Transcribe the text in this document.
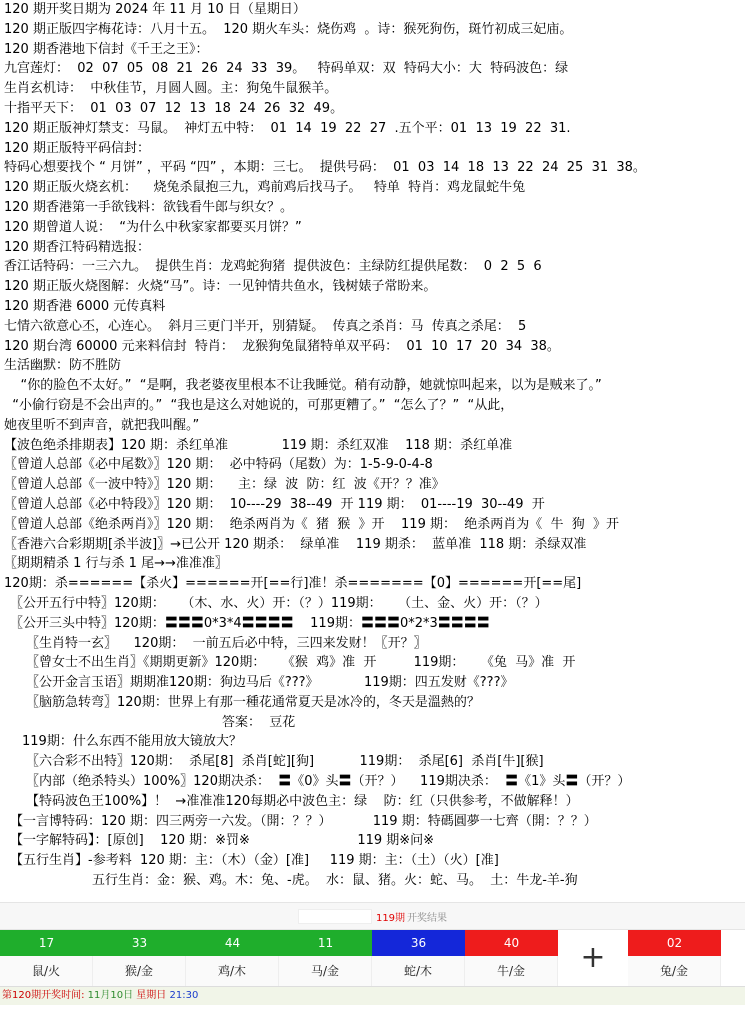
120 期开奖日期为 2024 年 11 月 10 日（星期日）
120 期正版四字梅花诗：八月十五。  120 期火车头：烧伤鸡  。诗：猴死狗伤，斑竹初成三妃庙。
120 期香港地下信封《千王之王》：
九宫莲灯：  02  07  05  08  21  26  24  33  39。   特码单双：双  特码大小：大  特码波色：绿
生肖玄机诗：  中秋佳节，月圆人圆。主：狗兔牛鼠猴羊。
十指平天下：  01  03  07  12  13  18  24  26  32  49。
120 期正版神灯禁支：马鼠。  神灯五中特：  01  14  19  22  27  .五个平：01  13  19  22  31.
120 期正版特平码信封：
特码心想要找个 “ 月饼” ，平码 “四” ，本期：三七。  提供号码：  01  03  14  18  13  22  24  25  31  38。
120 期正版火烧玄机：    烧兔杀鼠抱三九，鸡前鸡后找马子。   特单  特肖：鸡龙鼠蛇牛兔
120 期香港第一手欲钱料：欲钱看牛郎与织女？。
120 期曾道人说：  “为什么中秋家家都要买月饼？”
120 期香江特码精选报：
香江话特码：一三六九。  提供生肖：龙鸡蛇狗猪  提供波色：主绿防红提供尾数：  0  2  5  6
120 期正版火烧图解：火烧“马”。诗：一见钟情共鱼水，钱树婊子常盼来。
120 期香港 6000 元传真料
七情六欲意心丕，心连心。  斜月三更门半开，别猜疑。  传真之杀肖：马  传真之杀尾：  5
120 期台湾 60000 元来料信封  特肖：  龙猴狗兔鼠猪特单双平码：  01  10  17  20  34  38。
生活幽默：防不胜防
“你的脸色不太好。”  “是啊，我老婆夜里根本不让我睡觉。稍有动静，她就惊叫起来，以为是贼来了。”
“小偷行窃是不会出声的。”  “我也是这么对她说的，可那更糟了。”  “怎么了？”  “从此，
她夜里听不到声音，就把我叫醒。”
【波色绝杀排期表】120 期：杀红单准             119 期：杀红双准    118 期：杀红单准
〖曾道人总部《必中尾数》〗120 期：  必中特码（尾数）为：1-5-9-0-4-8
〖曾道人总部《一波中特》〗120 期：    主：绿  波  防：红  波《开？？准》
〖曾道人总部《必中特段》〗120 期：  10----29  38--49  开 119 期：  01----19  30--49  开
〖曾道人总部《绝杀两肖》〗120 期：  绝杀两肖为《  猪  猴  》开    119 期：  绝杀两肖为《  牛  狗  》开
〖香港六合彩期期[杀半波]〗→已公开 120 期杀：  绿单准    119 期杀：  蓝单准  118 期：杀绿双准
〖期期精杀 1 行与杀 1 尾→→准准准〗
120期：杀======【杀火】======开[==行]准！杀=======【0】======开[==尾]
〖公开五行中特〗120期：    （木、水、火）开：（？）119期：    （土、金、火）开：（？）
〖公开三头中特〗120期：〓〓〓0*3*4〓〓〓〓    119期：〓〓〓0*2*3〓〓〓〓
〖生肖特一玄〗    120期：  一前五后必中特，三四来发财！〖开？〗
〖曾女士不出生肖〗《期期更新》120期：    《猴  鸡》准  开         119期：    《兔  马》准  开
〖公开金言玉语〗期期准120期：狗边马后《???》           119期：四五发财《???》
〖脑筋急转弯〗120期：世界上有那一種花通常夏天是冰冷的，冬天是溫熱的？
答案：  豆花
119期：什么东西不能用放大镜放大？
〖六合彩不出特〗120期：  杀尾[8]  杀肖[蛇][狗]           119期：  杀尾[6]  杀肖[牛][猴]
〖内部（绝杀特头）100%〗120期决杀：  〓《0》头〓（开？）    119期决杀：  〓《1》头〓（开？）
【特码波色王100%】！  →准准准120每期必中波色主：绿    防：红（只供参考，不做解释！）
【一言博特码：120 期：四三两旁一六发。（開：？？）          119 期：特碼圓夢一七齊（開：？？）
【一字解特码】：[原创]    120 期：※罚※                          119 期※问※
【五行生肖】-参考料  120 期：主：（木）（金）[准]     119 期：主：（土）（火）[准]
五行生肖：金：猴、鸡。木：兔、-虎。  水：鼠、猪。火：蛇、马。  土：牛龙-羊-狗
119期 开奖结果
17
鼠/火
33
猴/金
44
鸡/木
11
马/金
36
蛇/木
40
牛/金	+	02
兔/金
第120期开奖时间: 11月10日 星期日 21:30
